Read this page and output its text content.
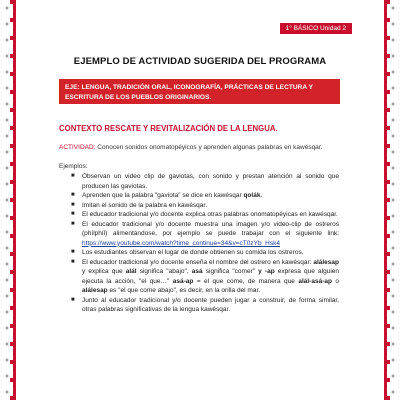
1° BÁSICO Unidad 2
EJEMPLO DE ACTIVIDAD SUGERIDA DEL PROGRAMA
EJE: LENGUA, TRADICIÓN ORAL, ICONOGRAFÍA, PRÁCTICAS DE LECTURA Y ESCRITURA DE LOS PUEBLOS ORIGINARIOS.
CONTEXTO RESCATE Y REVITALIZACIÓN DE LA LENGUA.
ACTIVIDAD: Conocen sonidos onomatopéyicos y aprenden algunas palabras en kawésqar.
Ejemplos:
■ Observan un video clip de gaviotas, con sonido y prestan atención al sonido que producen las gaviotas.
■ Aprenden que la palabra "gaviota" se dice en kawésqar qolák.
■ Imitan el sonido de la palabra en kawésqar.
■ El educador tradicional y/o docente explica otras palabras onomatopéyicas en kawésqar.
■ El educador tradicional y/o docente muestra una imagen y/o video-clip de ostreros (phílphíl) alimentándose, por ejemplo se puede trabajar con el siguiente link: https://www.youtube.com/watch?time_continue=34&v=cT0zYb_Hsk4
■ Los estudiantes observan el lugar de donde obtienen su comida los ostreros.
■ El educador tradicional y/o docente enseña el nombre del ostrero en kawésqar: alálesap y explica que alál significa "abajo", asá significa "comer" y -ap expresa que alguien ejecuta la acción, "el que…" asá-ap = el que come, de manera que alál-asá-ap o alálesap es "el que come abajo", es decir, en la orilla del mar.
■ Junto al educador tradicional y/o docente pueden jugar a construir, de forma similar, otras palabras significativas de la lengua kawésqar.
